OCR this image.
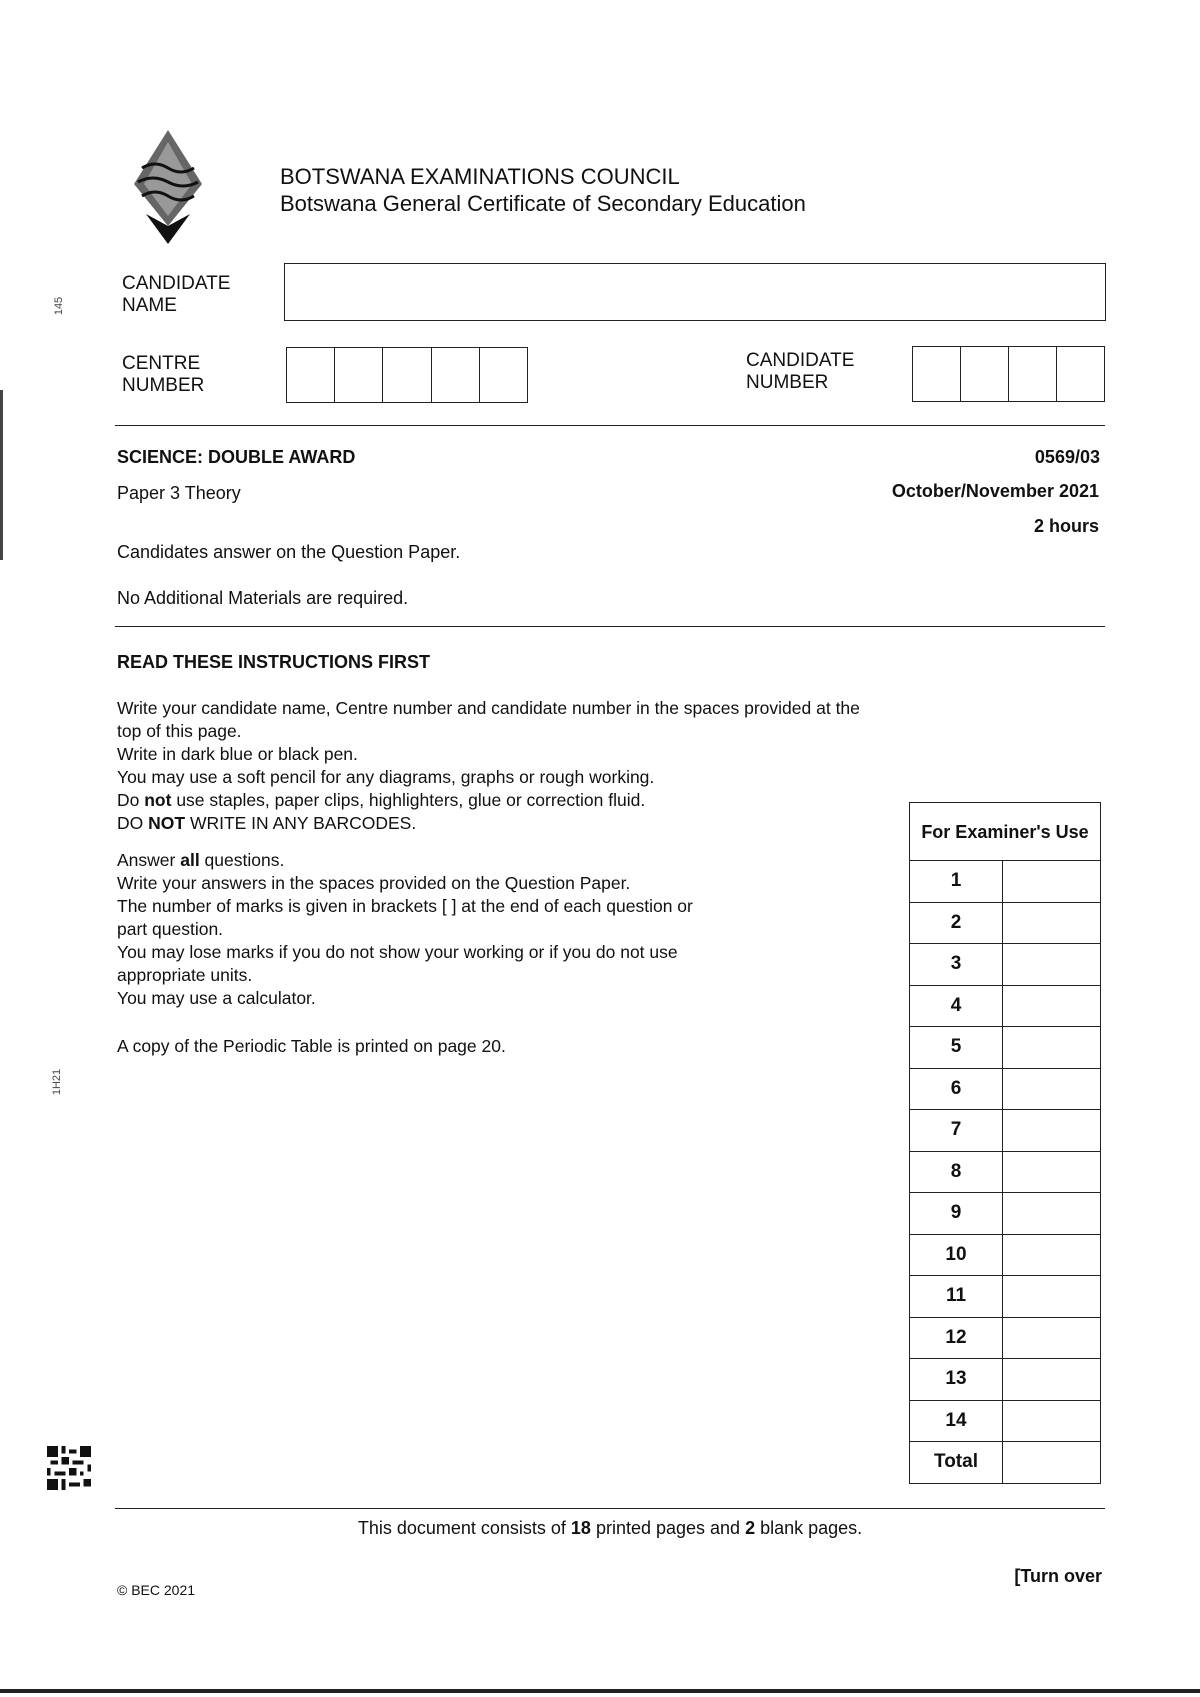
145
1H21
BOTSWANA EXAMINATIONS COUNCIL
Botswana General Certificate of Secondary Education
CANDIDATE
NAME
CENTRE
NUMBER
CANDIDATE
NUMBER
SCIENCE: DOUBLE AWARD	0569/03
Paper 3 Theory	October/November 2021
2 hours
Candidates answer on the Question Paper.
No Additional Materials are required.
READ THESE INSTRUCTIONS FIRST

Write your candidate name, Centre number and candidate number in the spaces provided at the

top of this page.

Write in dark blue or black pen.

You may use a soft pencil for any diagrams, graphs or rough working.

Do not use staples, paper clips, highlighters, glue or correction fluid.

DO NOT WRITE IN ANY BARCODES.

Answer all questions.

Write your answers in the spaces provided on the Question Paper.

The number of marks is given in brackets [ ] at the end of each question or

part question.

You may lose marks if you do not show your working or if you do not use

appropriate units.

You may use a calculator.

A copy of the Periodic Table is printed on page 20.

For Examiner's Use	
1	
2	
3	
4	
5	
6	
7	
8	
9	
10	
11	
12	
13	
14	
Total	
This document consists of 18 printed pages and 2 blank pages.
[Turn over
© BEC 2021
